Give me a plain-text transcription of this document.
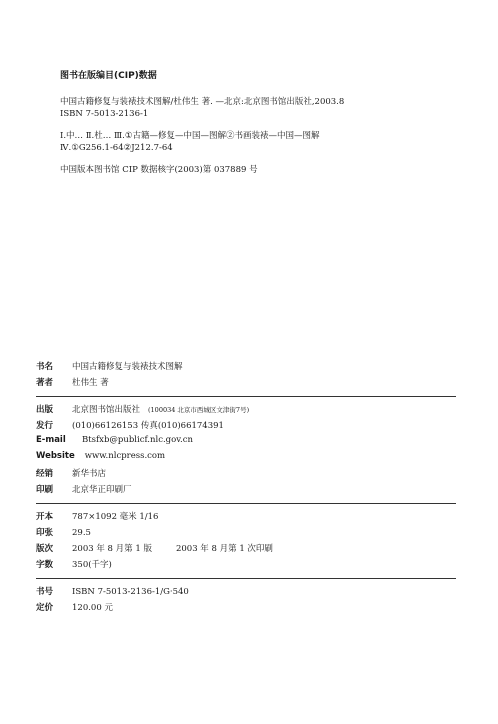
图书在版编目(CIP)数据
中国古籍修复与装裱技术图解/杜伟生 著. —北京:北京图书馆出版社,2003.8
ISBN 7-5013-2136-1
Ⅰ.中… Ⅱ.杜… Ⅲ.①古籍—修复—中国—图解②书画装裱—中国—图解
Ⅳ.①G256.1-64②J212.7-64
中国版本图书馆 CIP 数据核字(2003)第 037889 号
书名	中国古籍修复与装裱技术图解
著者	杜伟生 著
出版	北京图书馆出版社 (100034 北京市西城区文津街7号)
发行	(010)66126153 传真(010)66174391
E-mail	Btsfxb@publicf.nlc.gov.cn
Website www.nlcpress.com
经销	新华书店
印刷	北京华正印刷厂
开本	787×1092 毫米 1/16
印张	29.5
版次	2003 年 8 月第 1 版	2003 年 8 月第 1 次印刷
字数	350(千字)
书号	ISBN 7-5013-2136-1/G·540
定价	120.00 元
